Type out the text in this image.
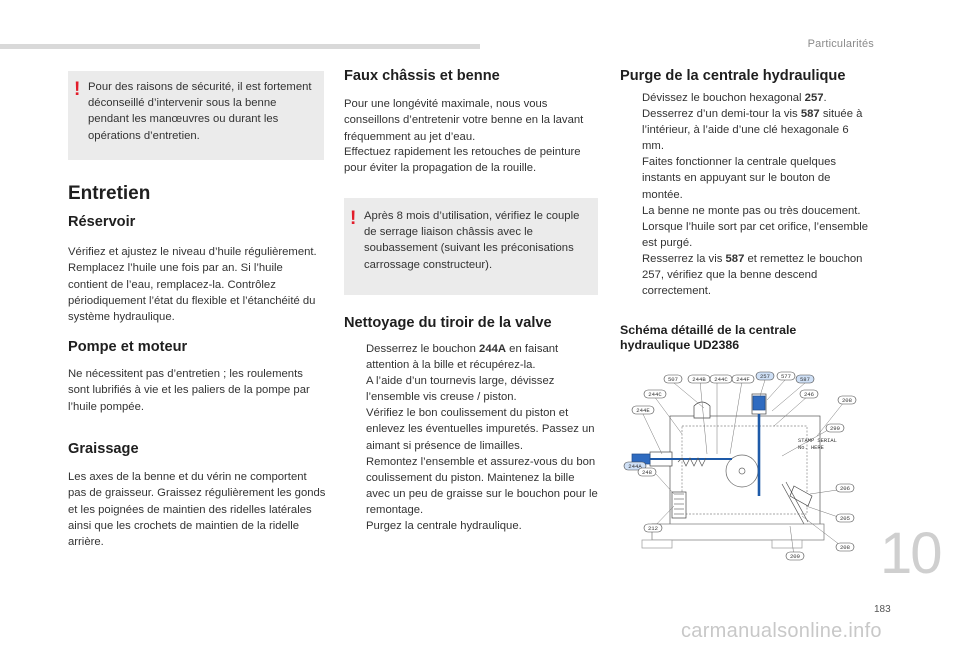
Particularités
! Pour des raisons de sécurité, il est fortement déconseillé d’intervenir sous la benne pendant les manœuvres ou durant les opérations d’entretien.
Entretien
Réservoir

Vérifiez et ajustez le niveau d’huile régulièrement. Remplacez l’huile une fois par an. Si l’huile contient de l’eau, remplacez-la. Contrôlez périodiquement l’état du flexible et l’étanchéité du système hydraulique.

Pompe et moteur

Ne nécessitent pas d’entretien ; les roulements sont lubrifiés à vie et les paliers de la pompe par l’huile pompée.

Graissage

Les axes de la benne et du vérin ne comportent pas de graisseur. Graissez régulièrement les gonds et les poignées de maintien des ridelles latérales ainsi que les crochets de maintien de la ridelle arrière.

Faux châssis et benne

Pour une longévité maximale, nous vous conseillons d’entretenir votre benne en la lavant fréquemment au jet d’eau.

Effectuez rapidement les retouches de peinture pour éviter la propagation de la rouille.

! Après 8 mois d’utilisation, vérifiez le couple de serrage liaison châssis avec le soubassement (suivant les préconisations carrossage constructeur).
Nettoyage du tiroir de la valve
Desserrez le bouchon 244A en faisant attention à la bille et récupérez-la.
A l’aide d’un tournevis large, dévissez l’ensemble vis creuse / piston.
Vérifiez le bon coulissement du piston et enlevez les éventuelles impuretés. Passez un aimant si présence de limailles.
Remontez l’ensemble et assurez-vous du bon coulissement du piston. Maintenez la bille avec un peu de graisse sur le bouchon pour le remontage.
Purgez la centrale hydraulique.
Purge de la centrale hydraulique
Dévissez le bouchon hexagonal 257.
Desserrez d’un demi-tour la vis 587 située à l’intérieur, à l’aide d’une clé hexagonale 6 mm.
Faites fonctionner la centrale quelques instants en appuyant sur le bouton de montée.
La benne ne monte pas ou très doucement. Lorsque l’huile sort par cet orifice, l’ensemble est purgé.
Resserrez la vis 587 et remettez le bouchon 257, vérifiez que la benne descend correctement.
Schéma détaillé de la centrale hydraulique UD2386
507	244B 244C 244F 257 577 587
244C
244E
246
208
299
244A
248
206
212
205
208
209
STAMP SERIAL
No. HERE
10
183
carmanualsonline.info
